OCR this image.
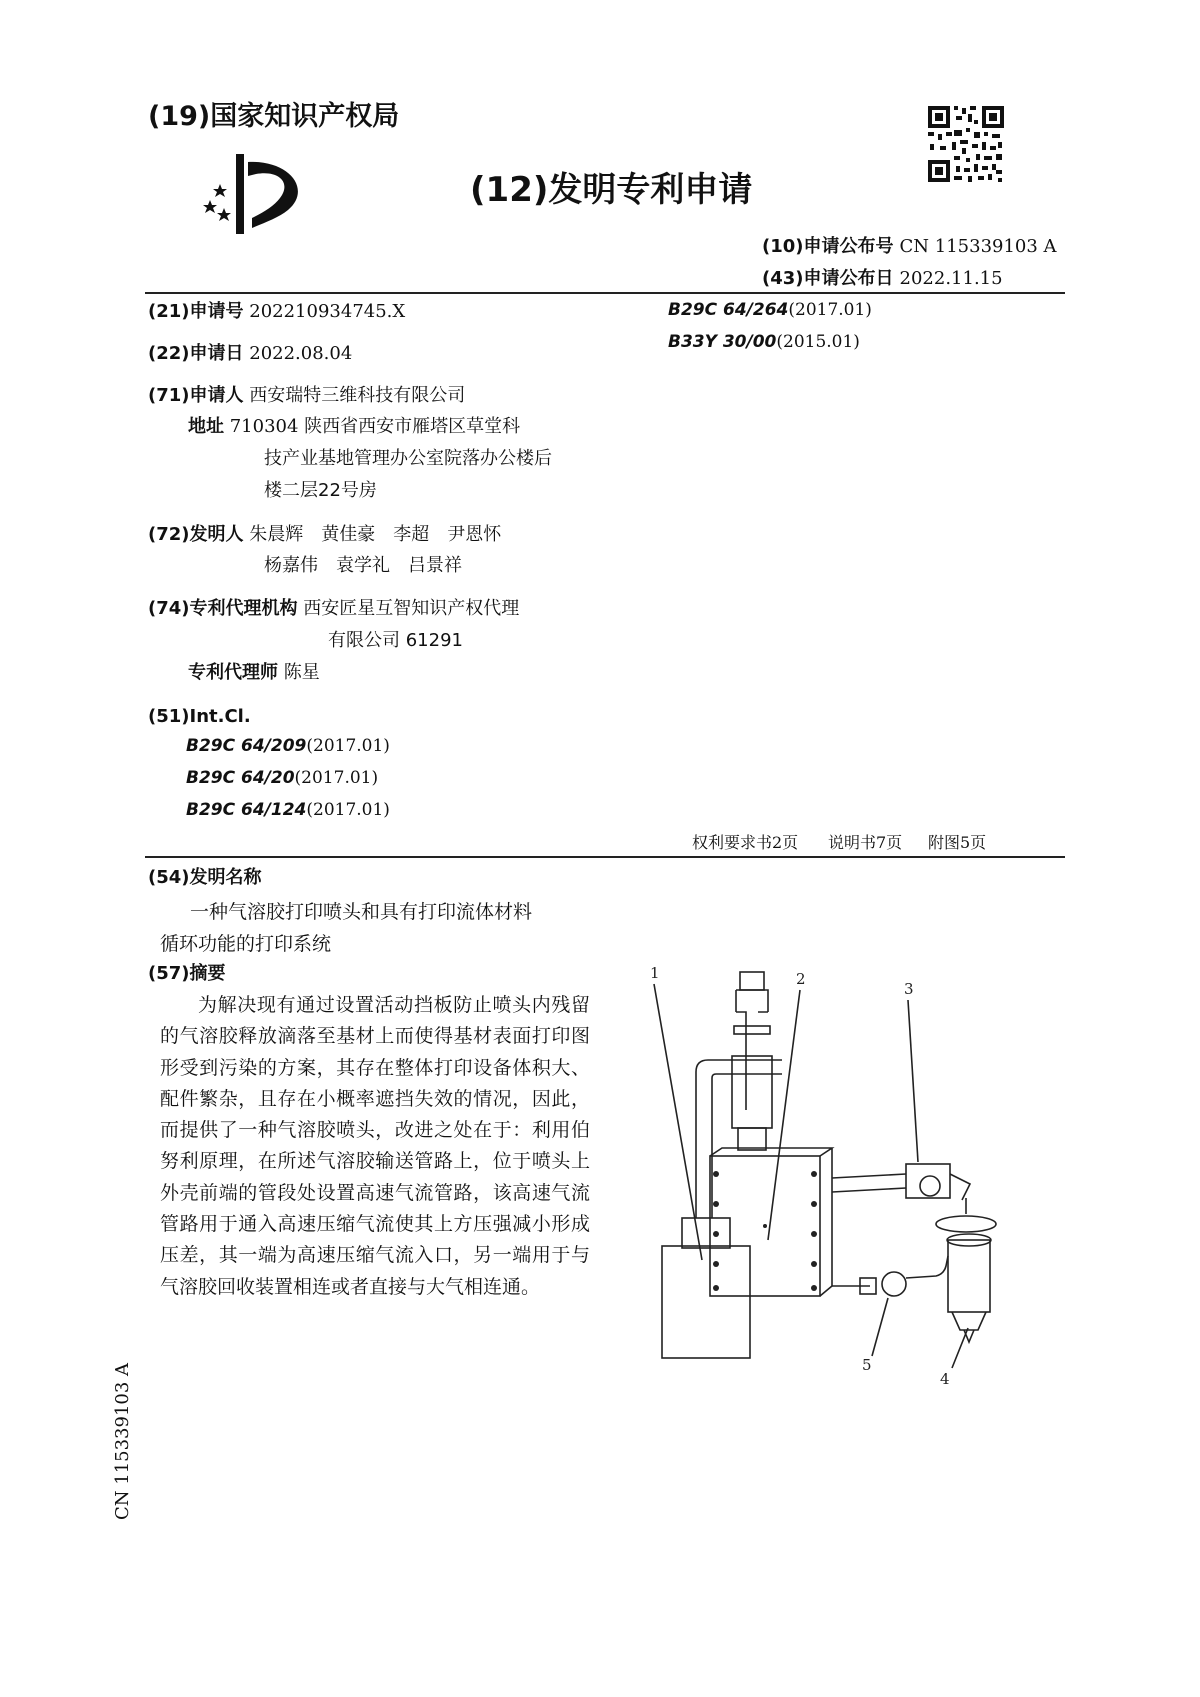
(19)国家知识产权局
(12)发明专利申请
(10)申请公布号 CN 115339103 A
(43)申请公布日 2022.11.15
(21)申请号 202210934745.X
(22)申请日 2022.08.04
(71)申请人 西安瑞特三维科技有限公司
地址 710304 陕西省西安市雁塔区草堂科
技产业基地管理办公室院落办公楼后
楼二层22号房
(72)发明人 朱晨辉　黄佳豪　李超　尹恩怀
杨嘉伟　袁学礼　吕景祥
(74)专利代理机构 西安匠星互智知识产权代理
有限公司 61291
专利代理师 陈星
(51)Int.Cl.
B29C 64/209(2017.01)
B29C 64/20(2017.01)
B29C 64/124(2017.01)
B29C 64/264(2017.01)
B33Y 30/00(2015.01)
权利要求书2页 说明书7页 附图5页
(54)发明名称
一种气溶胶打印喷头和具有打印流体材料
循环功能的打印系统
(57)摘要

为解决现有通过设置活动挡板防止喷头内残留的气溶胶释放滴落至基材上而使得基材表面打印图形受到污染的方案，其存在整体打印设备体积大、配件繁杂，且存在小概率遮挡失效的情况，因此，而提供了一种气溶胶喷头，改进之处在于：利用伯努利原理，在所述气溶胶输送管路上，位于喷头上外壳前端的管段处设置高速气流管路，该高速气流管路用于通入高速压缩气流使其上方压强减小形成压差，其一端为高速压缩气流入口，另一端用于与气溶胶回收装置相连或者直接与大气相连通。

1	2
3
4
5
CN 115339103 A
